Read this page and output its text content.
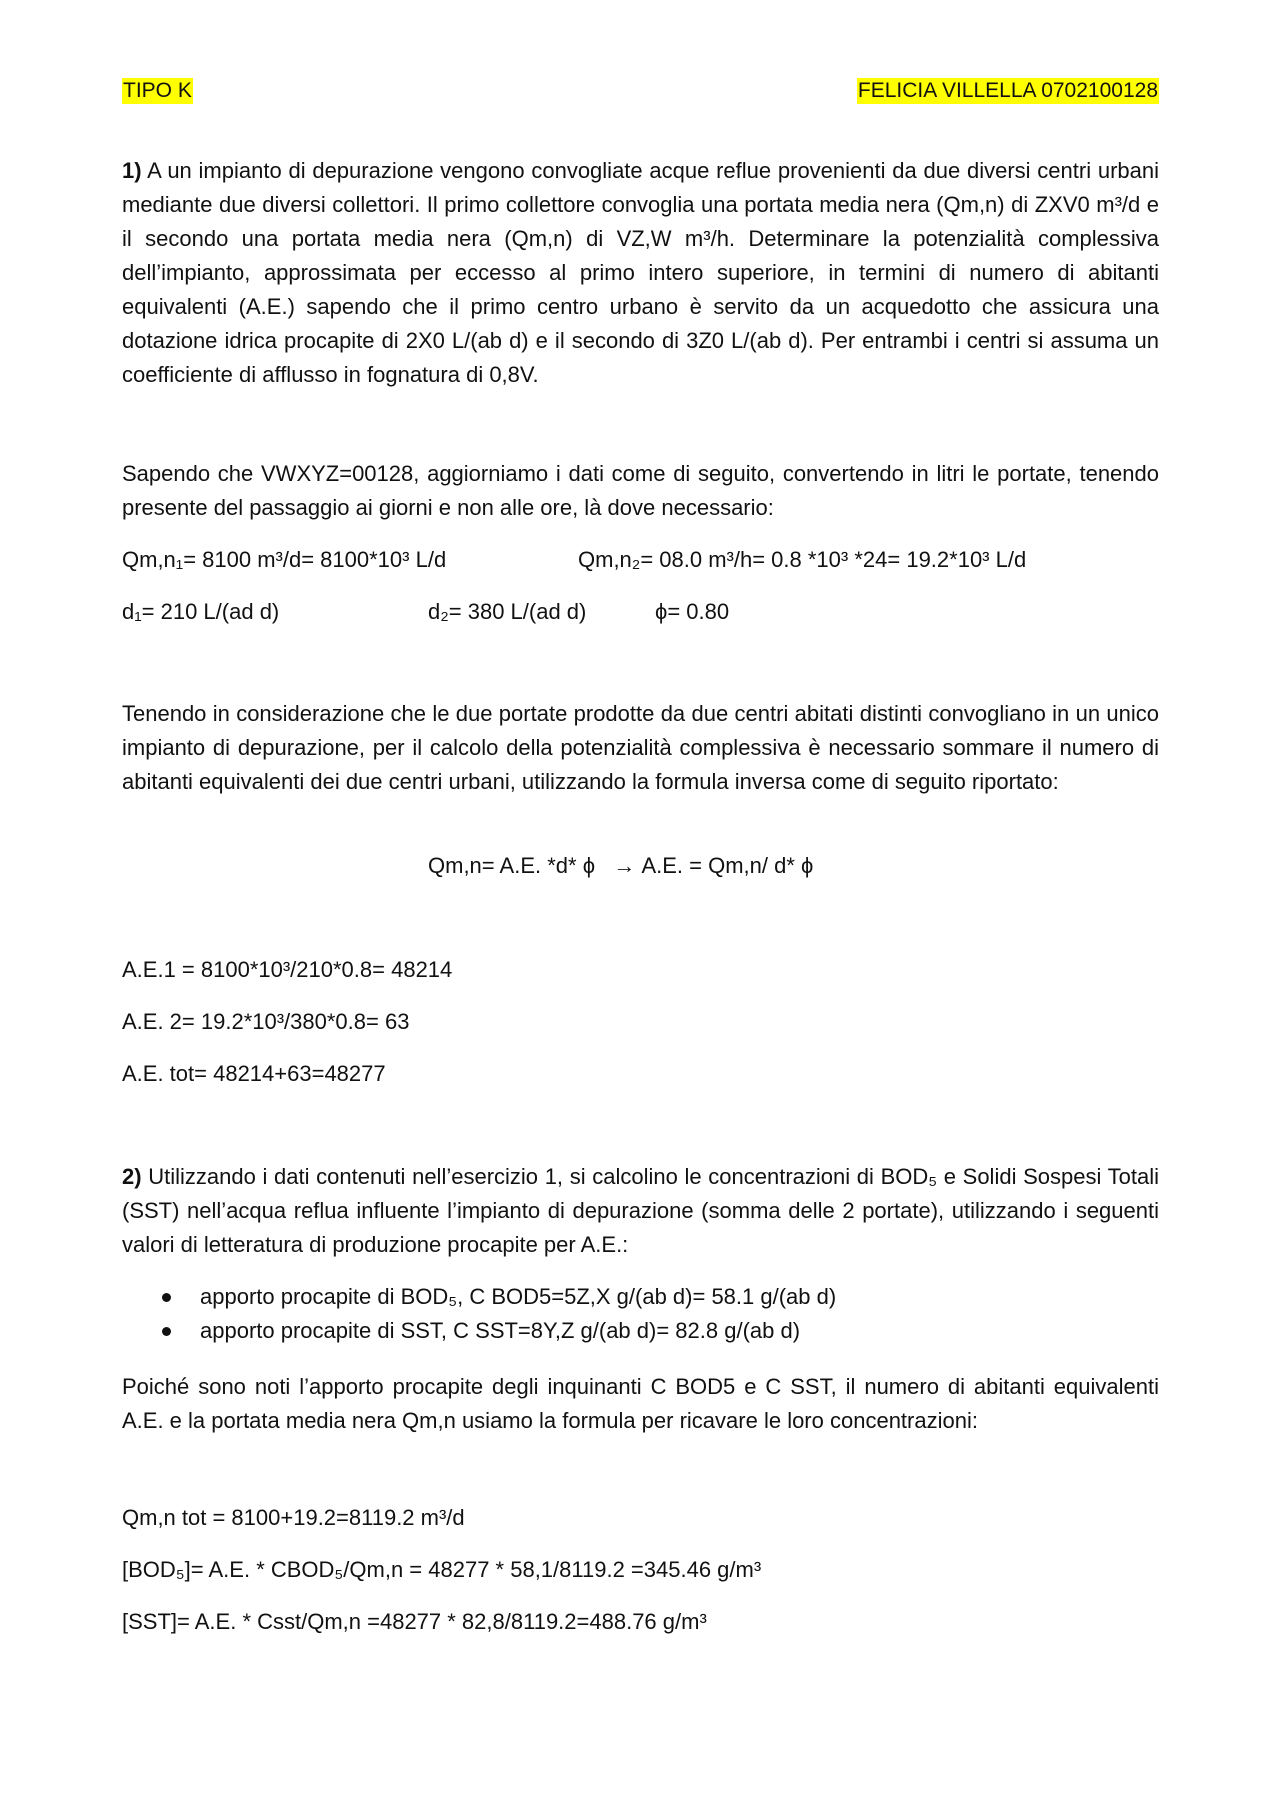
TIPO K	FELICIA VILLELLA 0702100128
1) A un impianto di depurazione vengono convogliate acque reflue provenienti da due diversi centri urbani mediante due diversi collettori. Il primo collettore convoglia una portata media nera (Qm,n) di ZXV0 m³/d e il secondo una portata media nera (Qm,n) di VZ,W m³/h. Determinare la potenzialità complessiva dell’impianto, approssimata per eccesso al primo intero superiore, in termini di numero di abitanti equivalenti (A.E.) sapendo che il primo centro urbano è servito da un acquedotto che assicura una dotazione idrica procapite di 2X0 L/(ab d) e il secondo di 3Z0 L/(ab d). Per entrambi i centri si assuma un coefficiente di afflusso in fognatura di 0,8V.
Sapendo che VWXYZ=00128, aggiorniamo i dati come di seguito, convertendo in litri le portate, tenendo presente del passaggio ai giorni e non alle ore, là dove necessario:
Qm,n₁= 8100 m³/d= 8100*10³ L/d	Qm,n₂= 08.0 m³/h= 0.8 *10³ *24= 19.2*10³ L/d
d₁= 210 L/(ad d)	d₂= 380 L/(ad d)	ϕ= 0.80
Tenendo in considerazione che le due portate prodotte da due centri abitati distinti convogliano in un unico impianto di depurazione, per il calcolo della potenzialità complessiva è necessario sommare il numero di abitanti equivalenti dei due centri urbani, utilizzando la formula inversa come di seguito riportato:
Qm,n= A.E. *d* ϕ   → A.E. = Qm,n/ d* ϕ
A.E.1 = 8100*10³/210*0.8= 48214
A.E. 2= 19.2*10³/380*0.8= 63
A.E. tot= 48214+63=48277
2) Utilizzando i dati contenuti nell’esercizio 1, si calcolino le concentrazioni di BOD₅ e Solidi Sospesi Totali (SST) nell’acqua reflua influente l’impianto di depurazione (somma delle 2 portate), utilizzando i seguenti valori di letteratura di produzione procapite per A.E.:
apporto procapite di BOD₅, C BOD5=5Z,X g/(ab d)= 58.1 g/(ab d)
apporto procapite di SST, C SST=8Y,Z g/(ab d)= 82.8 g/(ab d)
Poiché sono noti l’apporto procapite degli inquinanti C BOD5 e C SST, il numero di abitanti equivalenti A.E. e la portata media nera Qm,n usiamo la formula per ricavare le loro concentrazioni:
Qm,n tot = 8100+19.2=8119.2 m³/d
[BOD₅]= A.E. * CBOD₅/Qm,n = 48277 * 58,1/8119.2 =345.46 g/m³
[SST]= A.E. * Csst/Qm,n =48277 * 82,8/8119.2=488.76 g/m³
